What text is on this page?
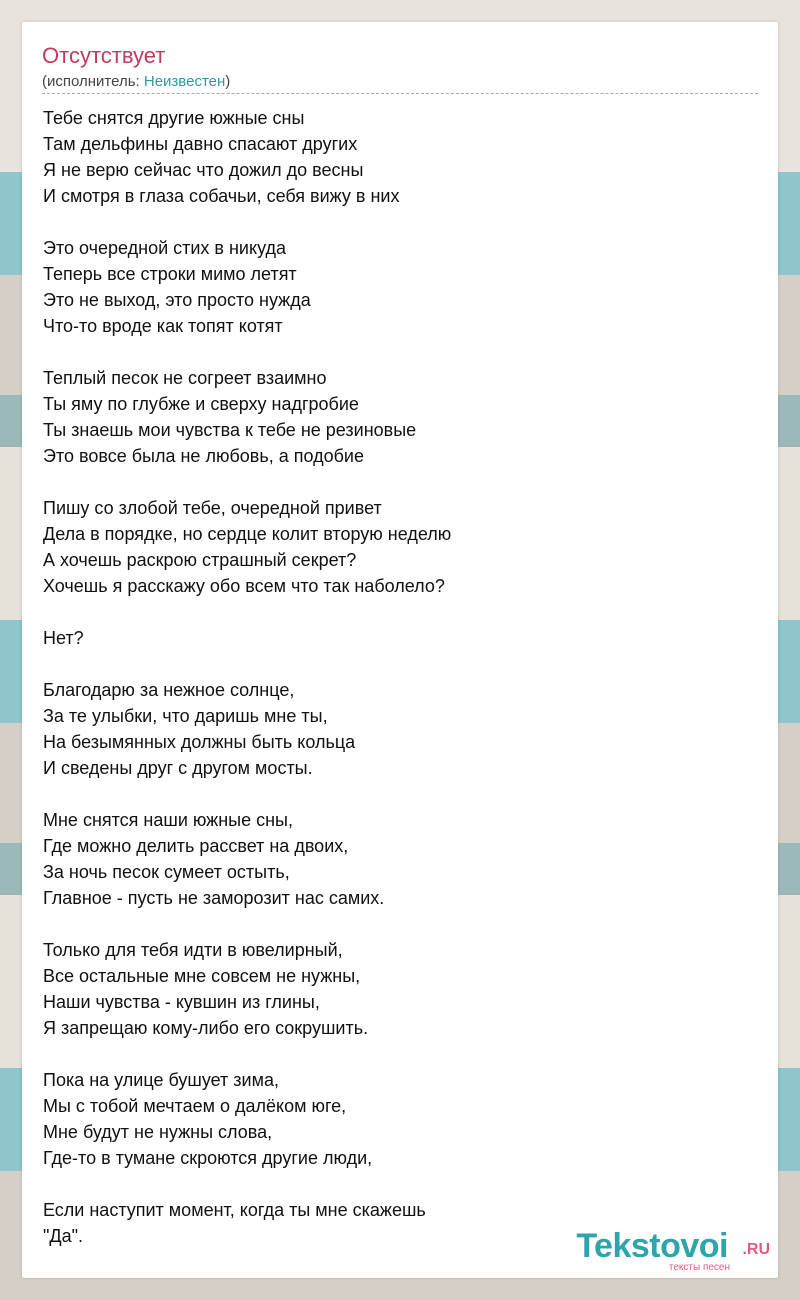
Отсутствует
(исполнитель: Неизвестен)
Тебе снятся другие южные сны
Там дельфины давно спасают других
Я не верю сейчас что дожил до весны
И смотря в глаза собачьи, себя вижу в них
Это очередной стих в никуда
Теперь все строки мимо летят
Это не выход, это просто нужда
Что-то вроде как топят котят
Теплый песок не согреет взаимно
Ты яму по глубже и сверху надгробие
Ты знаешь мои чувства к тебе не резиновые
Это вовсе была не любовь, а подобие
Пишу со злобой тебе, очередной привет
Дела в порядке, но сердце колит вторую неделю
А хочешь раскрою страшный секрет?
Хочешь я расскажу обо всем что так наболело?
Нет?
Благодарю за нежное солнце,
За те улыбки, что даришь мне ты,
На безымянных должны быть кольца
И сведены друг с другом мосты.
Мне снятся наши южные сны,
Где можно делить рассвет на двоих,
За ночь песок сумеет остыть,
Главное - пусть не заморозит нас самих.
Только для тебя идти в ювелирный,
Все остальные мне совсем не нужны,
Наши чувства - кувшин из глины,
Я запрещаю кому-либо его сокрушить.
Пока на улице бушует зима,
Мы с тобой мечтаем о далёком юге,
Мне будут не нужны слова,
Где-то в тумане скроются другие люди,
Если наступит момент, когда ты мне скажешь
"Да".	Tekstovoi .RU
тексты песен
